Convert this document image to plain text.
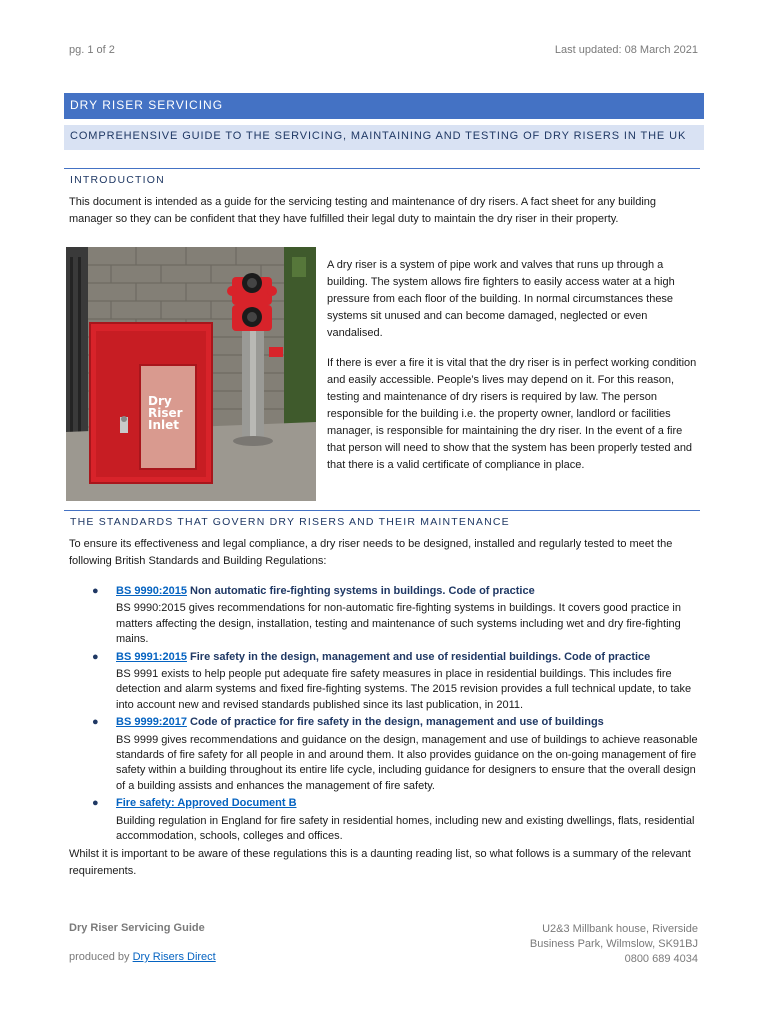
pg. 1 of 2	Last updated: 08 March 2021
DRY RISER SERVICING
COMPREHENSIVE GUIDE TO THE SERVICING, MAINTAINING AND TESTING OF DRY RISERS IN THE UK
INTRODUCTION

This document is intended as a guide for the servicing testing and maintenance of dry risers. A fact sheet for any building manager so they can be confident that they have fulfilled their legal duty to maintain the dry riser in their property.

Dry
Riser
Inlet

A dry riser is a system of pipe work and valves that runs up through a building. The system allows fire fighters to easily access water at a high pressure from each floor of the building. In normal circumstances these systems sit unused and can become damaged, neglected or even vandalised.

If there is ever a fire it is vital that the dry riser is in perfect working condition and easily accessible. People’s lives may depend on it. For this reason, testing and maintenance of dry risers is required by law. The person responsible for the building i.e. the property owner, landlord or facilities manager, is responsible for maintaining the dry riser. In the event of a fire that person will need to show that the system has been properly tested and that there is a valid certificate of compliance in place.

THE STANDARDS THAT GOVERN DRY RISERS AND THEIR MAINTENANCE

To ensure its effectiveness and legal compliance, a dry riser needs to be designed, installed and regularly tested to meet the following British Standards and Building Regulations:

● BS 9990:2015 Non automatic fire-fighting systems in buildings. Code of practice
BS 9990:2015 gives recommendations for non-automatic fire-fighting systems in buildings. It covers good practice in matters affecting the design, installation, testing and maintenance of such systems including wet and dry fire-fighting mains.
● BS 9991:2015 Fire safety in the design, management and use of residential buildings. Code of practice
BS 9991 exists to help people put adequate fire safety measures in place in residential buildings. This includes fire detection and alarm systems and fixed fire-fighting systems. The 2015 revision provides a full technical update, to take into account new and revised standards published since its last publication, in 2011.
● BS 9999:2017 Code of practice for fire safety in the design, management and use of buildings
BS 9999 gives recommendations and guidance on the design, management and use of buildings to achieve reasonable standards of fire safety for all people in and around them. It also provides guidance on the on-going management of fire safety within a building throughout its entire life cycle, including guidance for designers to ensure that the overall design of a building assists and enhances the management of fire safety.
● Fire safety: Approved Document B
Building regulation in England for fire safety in residential homes, including new and existing dwellings, flats, residential accommodation, schools, colleges and offices.

Whilst it is important to be aware of these regulations this is a daunting reading list, so what follows is a summary of the relevant requirements.

Dry Riser Servicing Guide
produced by Dry Risers Direct
U2&3 Millbank house, Riverside
Business Park, Wilmslow, SK91BJ
0800 689 4034
